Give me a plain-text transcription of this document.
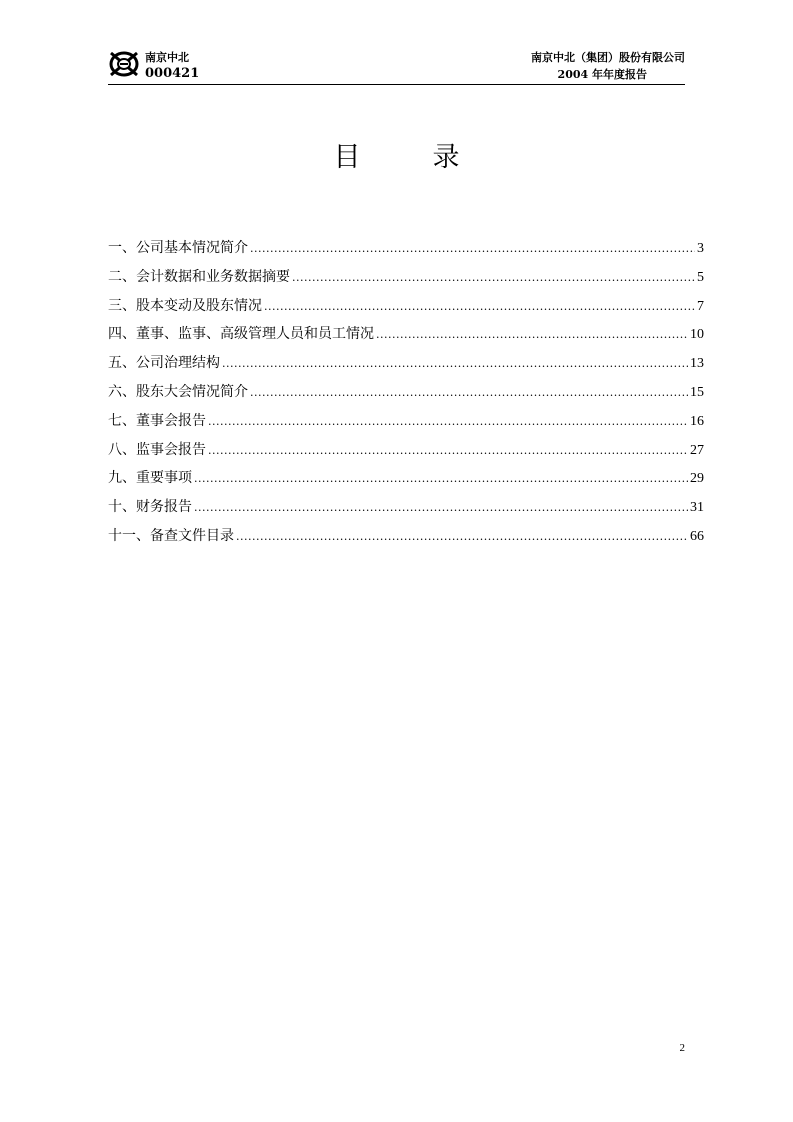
南京中北
000421
南京中北（集团）股份有限公司
2004 年年度报告
目	录
一、公司基本情况简介 .....	3
二、会计数据和业务数据摘要 .....	5
三、股本变动及股东情况 .....	7
四、董事、监事、高级管理人员和员工情况 .....	10
五、公司治理结构 .....	13
六、股东大会情况简介 .....	15
七、董事会报告 .....	16
八、监事会报告 .....	27
九、重要事项 .....	29
十、财务报告 .....	31
十一、备查文件目录 .....	66
2
